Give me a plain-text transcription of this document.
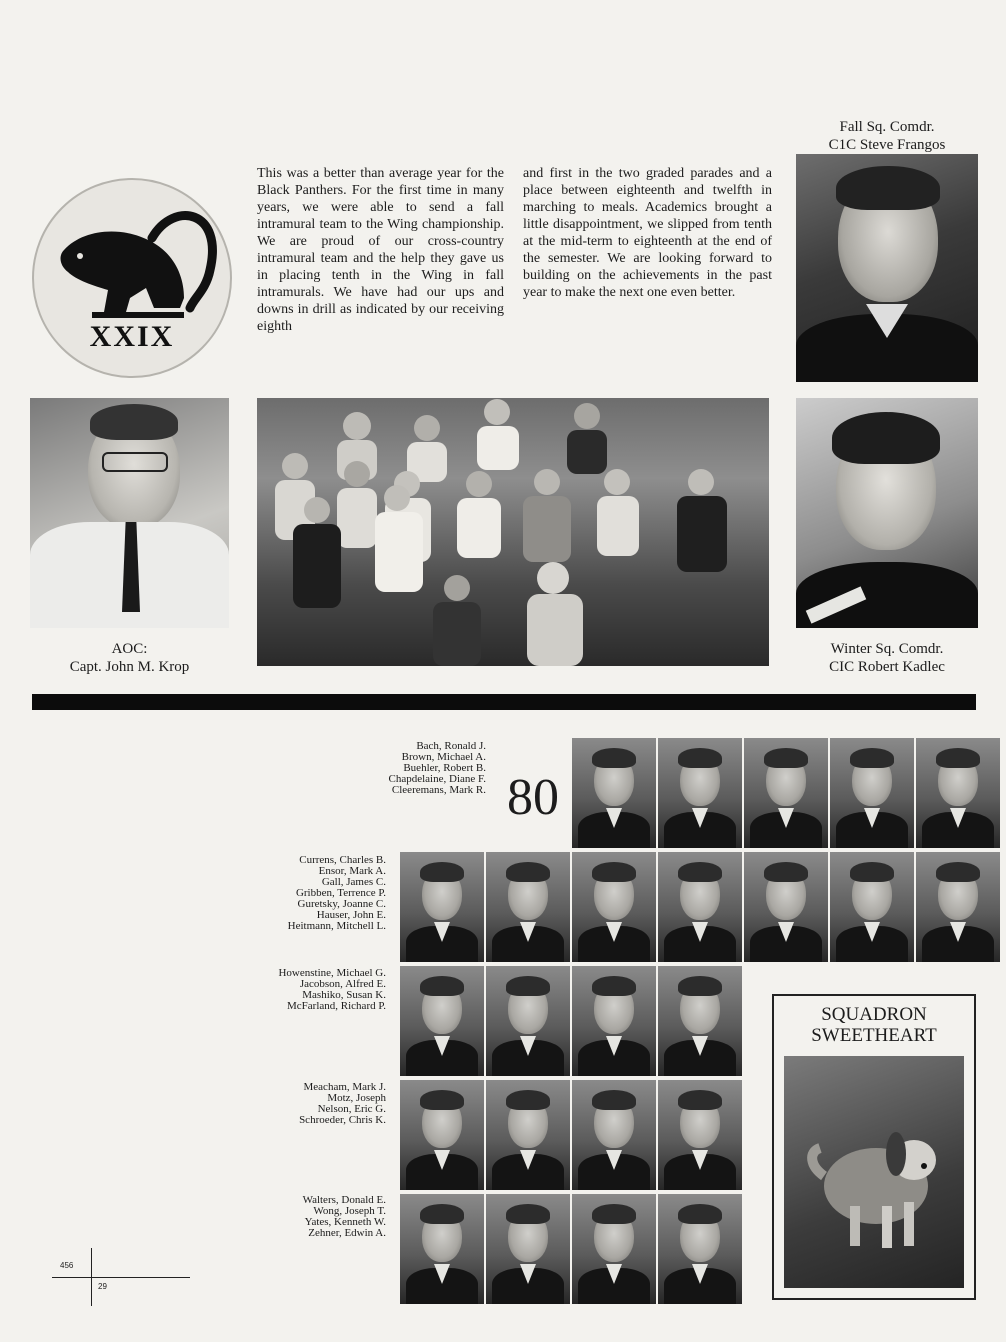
XXIX
This was a better than average year for the Black Panthers. For the first time in many years, we were able to send a fall intramural team to the Wing championship. We are proud of our cross-country intramural team and the help they gave us in placing tenth in the Wing in fall intramurals. We have had our ups and downs in drill as indicated by our receiving eighth
and first in the two graded parades and a place between eighteenth and twelfth in marching to meals. Academics brought a little disappointment, we slipped from tenth at the mid-term to eighteenth at the end of the semester. We are looking forward to building on the achievements in the past year to make the next one even better.
Fall Sq. Comdr.
C1C Steve Frangos
Winter Sq. Comdr.
CIC Robert Kadlec
AOC:
Capt. John M. Krop
80
Bach, Ronald J.
Brown, Michael A.
Buehler, Robert B.
Chapdelaine, Diane F.
Cleeremans, Mark R.
Currens, Charles B.
Ensor, Mark A.
Gall, James C.
Gribben, Terrence P.
Guretsky, Joanne C.
Hauser, John E.
Heitmann, Mitchell L.
Howenstine, Michael G.
Jacobson, Alfred E.
Mashiko, Susan K.
McFarland, Richard P.
Meacham, Mark J.
Motz, Joseph
Nelson, Eric G.
Schroeder, Chris K.
Walters, Donald E.
Wong, Joseph T.
Yates, Kenneth W.
Zehner, Edwin A.
SQUADRON
SWEETHEART
456
29
